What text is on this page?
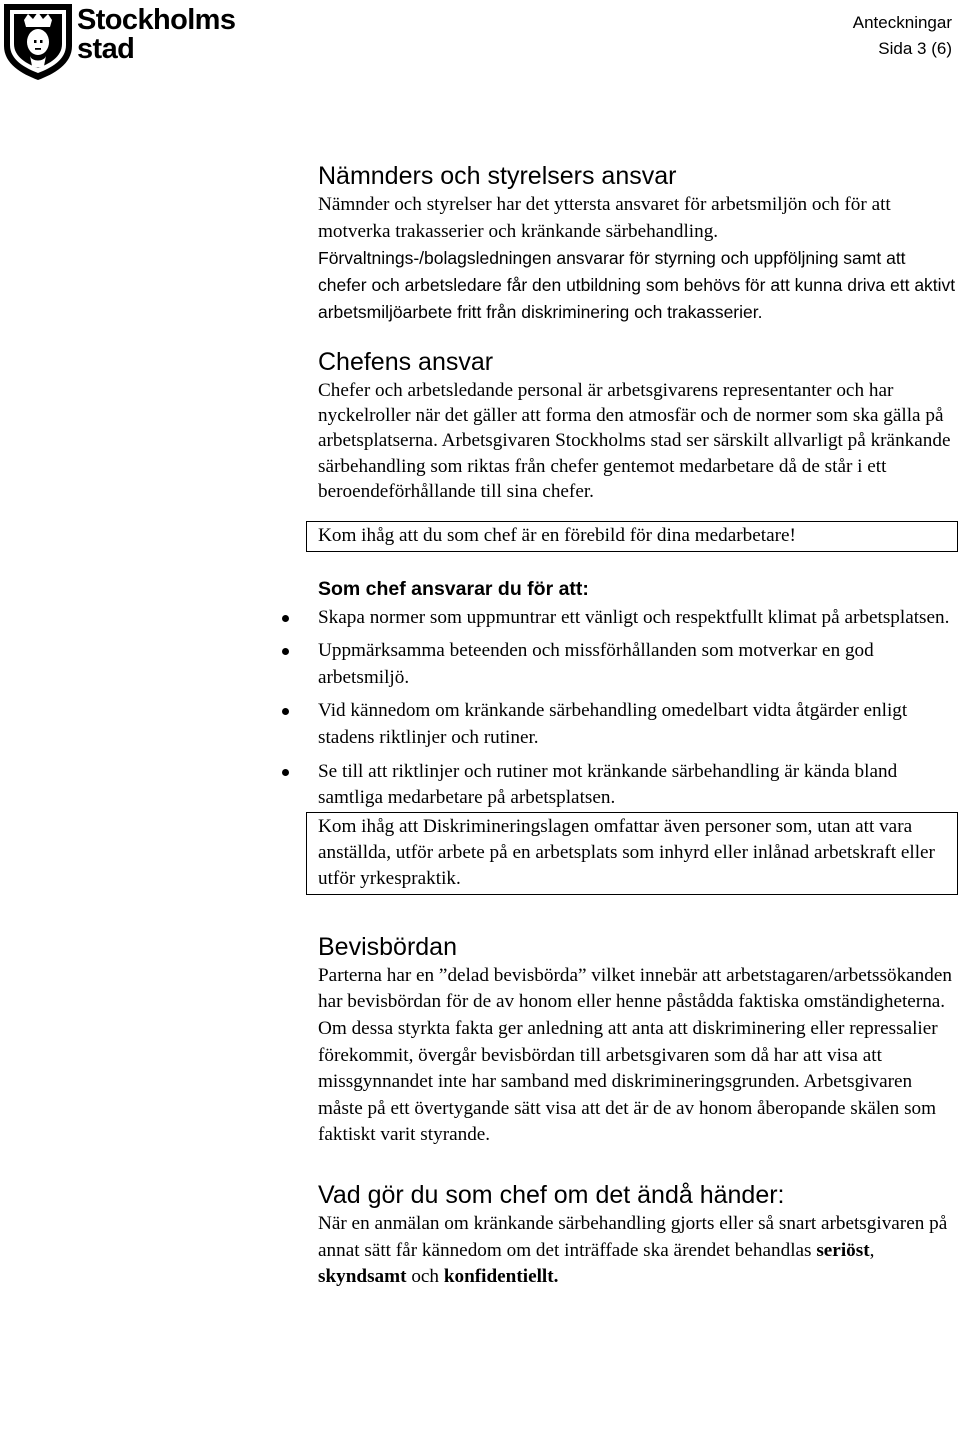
Stockholms
stad
Anteckningar
Sida 3 (6)
Nämnders och styrelsers ansvar

Nämnder och styrelser har det yttersta ansvaret för arbetsmiljön och för att motverka trakasserier och kränkande särbehandling.

Förvaltnings-/bolagsledningen ansvarar för styrning och uppföljning samt att chefer och arbetsledare får den utbildning som behövs för att kunna driva ett aktivt arbetsmiljöarbete fritt från diskriminering och trakasserier.

Chefens ansvar

Chefer och arbetsledande personal är arbetsgivarens representanter och har nyckelroller när det gäller att forma den atmosfär och de normer som ska gälla på arbetsplatserna. Arbetsgivaren Stockholms stad ser särskilt allvarligt på kränkande särbehandling som riktas från chefer gentemot medarbetare då de står i ett beroendeförhållande till sina chefer.

Kom ihåg att du som chef är en förebild för dina medarbetare!
Som chef ansvarar du för att:
Skapa normer som uppmuntrar ett vänligt och respektfullt klimat på arbetsplatsen.
Uppmärksamma beteenden och missförhållanden som motverkar en god arbetsmiljö.
Vid kännedom om kränkande särbehandling omedelbart vidta åtgärder enligt stadens riktlinjer och rutiner.
Se till att riktlinjer och rutiner mot kränkande särbehandling är kända bland samtliga medarbetare på arbetsplatsen.
Kom ihåg att Diskrimineringslagen omfattar även personer som, utan att vara anställda, utför arbete på en arbetsplats som inhyrd eller inlånad arbetskraft eller utför yrkespraktik.
Bevisbördan

Parterna har en ”delad bevisbörda” vilket innebär att arbetstagaren/arbetssökanden har bevisbördan för de av honom eller henne påstådda faktiska omständigheterna. Om dessa styrkta fakta ger anledning att anta att diskriminering eller repressalier förekommit, övergår bevisbördan till arbetsgivaren som då har att visa att missgynnandet inte har samband med diskrimineringsgrunden. Arbetsgivaren måste på ett övertygande sätt visa att det är de av honom åberopande skälen som faktiskt varit styrande.

Vad gör du som chef om det ändå händer:

När en anmälan om kränkande särbehandling gjorts eller så snart arbetsgivaren på annat sätt får kännedom om det inträffade ska ärendet behandlas seriöst, skyndsamt och konfidentiellt.
